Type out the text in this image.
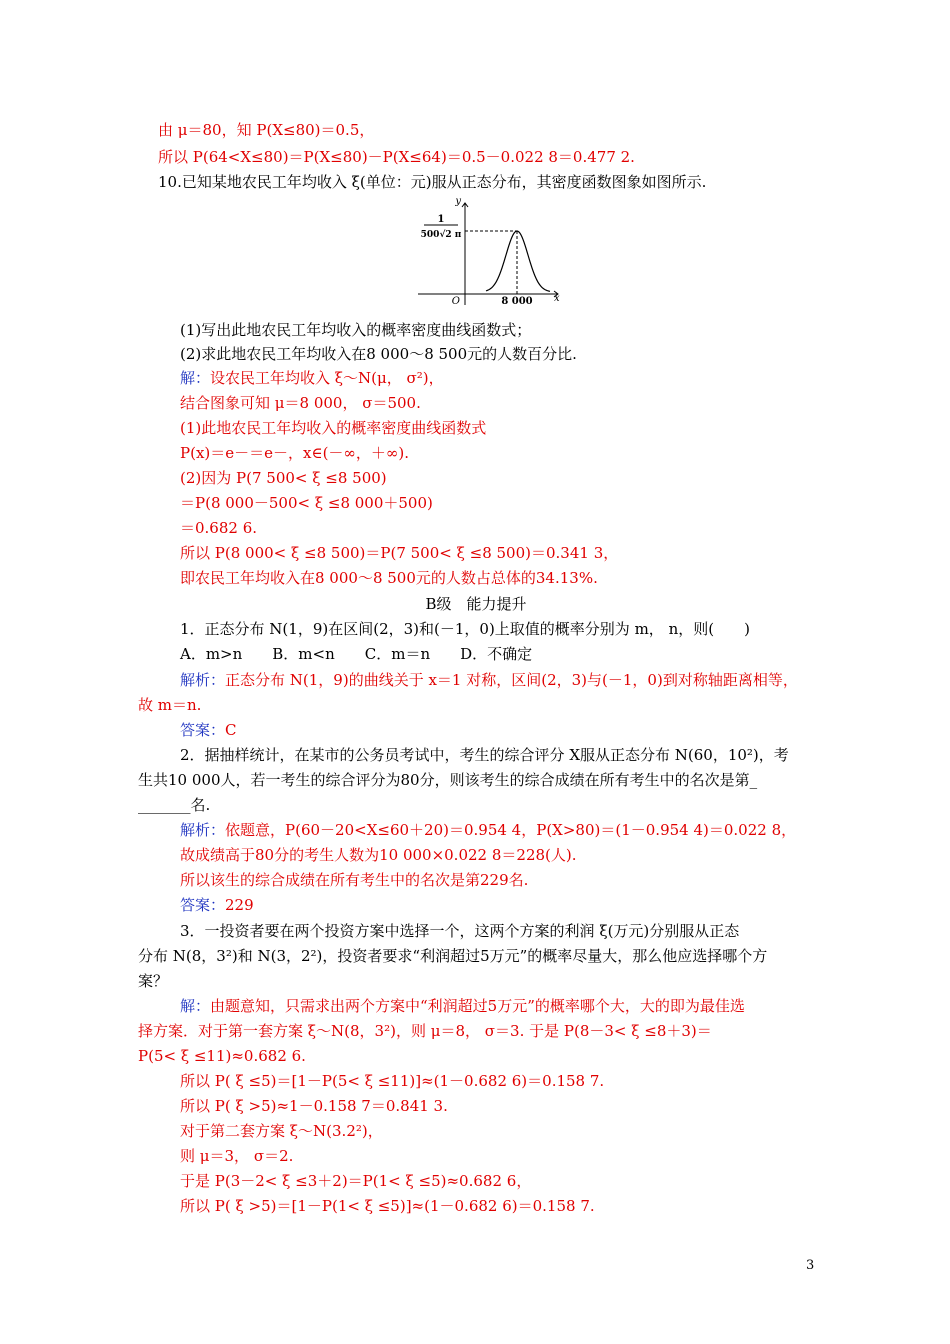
由 μ＝80，知 P(X≤80)＝0.5，
所以 P(64<X≤80)＝P(X≤80)－P(X≤64)＝0.5－0.022 8＝0.477 2.
10.已知某地农民工年均收入 ξ(单位：元)服从正态分布，其密度函数图象如图所示.
y
x
O
1
500√2 π
8 000
(1)写出此地农民工年均收入的概率密度曲线函数式；
(2)求此地农民工年均收入在8 000～8 500元的人数百分比.
解：设农民工年均收入 ξ～N(μ， σ²)，
结合图象可知 μ＝8 000， σ＝500.
(1)此地农民工年均收入的概率密度曲线函数式
P(x)＝e－＝e－，x∈(－∞，＋∞).
(2)因为 P(7 500< ξ ≤8 500)
＝P(8 000－500< ξ ≤8 000＋500)
＝0.682 6.
所以 P(8 000< ξ ≤8 500)＝P(7 500< ξ ≤8 500)＝0.341 3，
即农民工年均收入在8 000～8 500元的人数占总体的34.13%.
B级　能力提升
1．正态分布 N(1，9)在区间(2，3)和(－1，0)上取值的概率分别为 m， n，则(　　)
A．m>n　　B．m<n　　C．m＝n　　D．不确定
解析：正态分布 N(1，9)的曲线关于 x＝1 对称，区间(2，3)与(－1，0)到对称轴距离相等，
故 m＝n.
答案：C
2．据抽样统计，在某市的公务员考试中，考生的综合评分 X服从正态分布 N(60，10²)，考
生共10 000人，若一考生的综合评分为80分，则该考生的综合成绩在所有考生中的名次是第_
_______名.
解析：依题意，P(60－20<X≤60＋20)＝0.954 4，P(X>80)＝(1－0.954 4)＝0.022 8，
故成绩高于80分的考生人数为10 000×0.022 8＝228(人).
所以该生的综合成绩在所有考生中的名次是第229名.
答案：229
3．一投资者要在两个投资方案中选择一个，这两个方案的利润 ξ(万元)分别服从正态
分布 N(8，3²)和 N(3，2²)，投资者要求“利润超过5万元”的概率尽量大，那么他应选择哪个方
案？
解：由题意知，只需求出两个方案中“利润超过5万元”的概率哪个大，大的即为最佳选
择方案．对于第一套方案 ξ～N(8，3²)，则 μ＝8， σ＝3. 于是 P(8－3< ξ ≤8＋3)＝
P(5< ξ ≤11)≈0.682 6.
所以 P( ξ ≤5)＝[1－P(5< ξ ≤11)]≈(1－0.682 6)＝0.158 7.
所以 P( ξ >5)≈1－0.158 7＝0.841 3.
对于第二套方案 ξ～N(3.2²)，
则 μ＝3， σ＝2.
于是 P(3－2< ξ ≤3＋2)＝P(1< ξ ≤5)≈0.682 6，
所以 P( ξ >5)＝[1－P(1< ξ ≤5)]≈(1－0.682 6)＝0.158 7.
3
